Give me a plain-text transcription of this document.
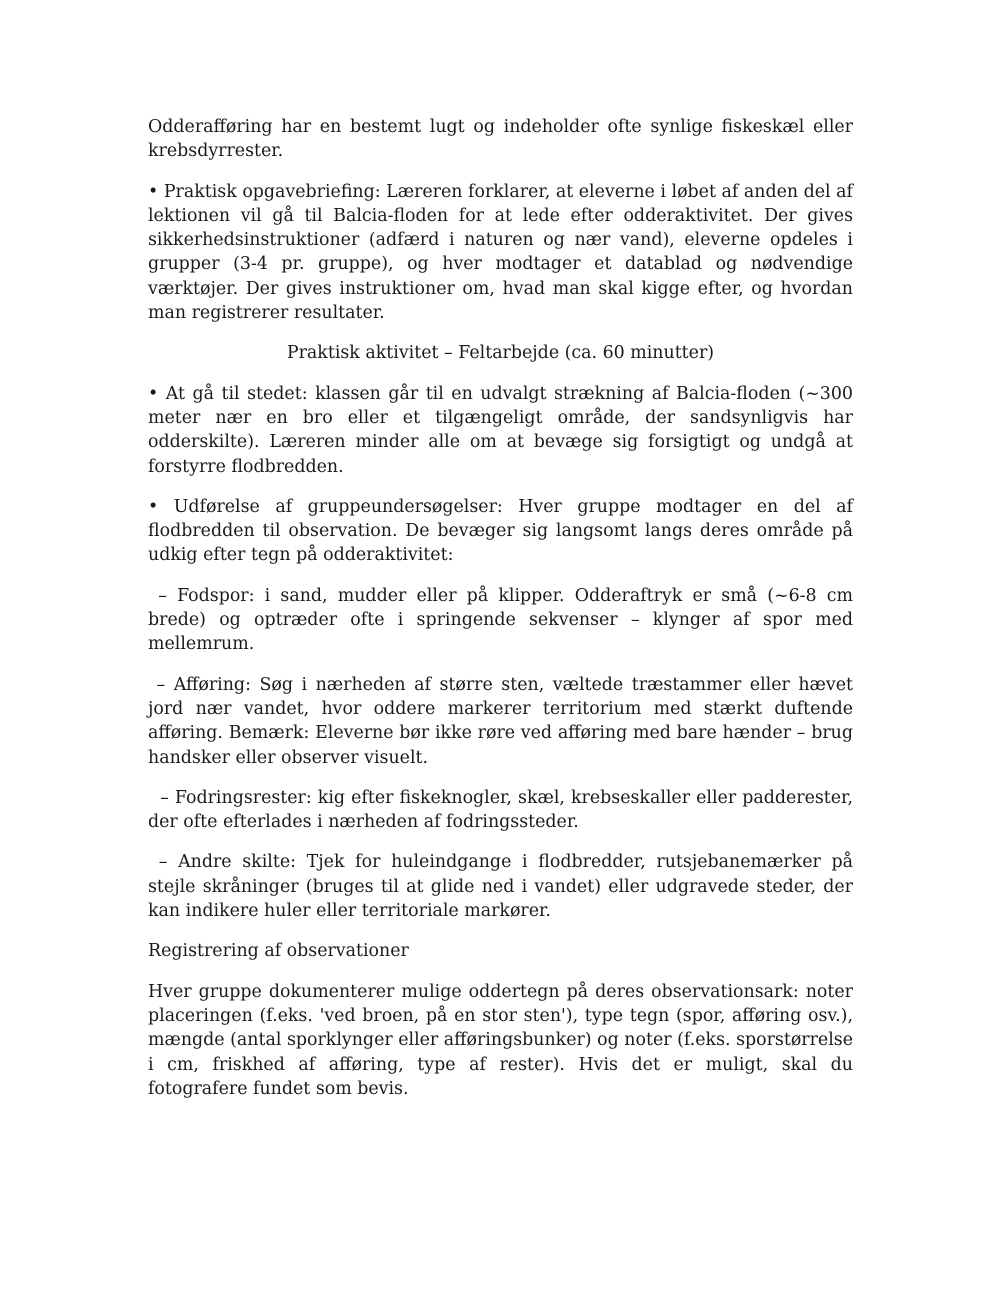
Odderafføring har en bestemt lugt og indeholder ofte synlige fiskeskæl eller krebsdyrrester.

• Praktisk opgavebriefing: Læreren forklarer, at eleverne i løbet af anden del af lektionen vil gå til Balcia-floden for at lede efter odderaktivitet. Der gives sikkerhedsinstruktioner (adfærd i naturen og nær vand), eleverne opdeles i grupper (3-4 pr. gruppe), og hver modtager et datablad og nødvendige værktøjer. Der gives instruktioner om, hvad man skal kigge efter, og hvordan man registrerer resultater.

Praktisk aktivitet – Feltarbejde (ca. 60 minutter)

• At gå til stedet: klassen går til en udvalgt strækning af Balcia-floden (~300 meter nær en bro eller et tilgængeligt område, der sandsynligvis har odderskilte). Læreren minder alle om at bevæge sig forsigtigt og undgå at forstyrre flodbredden.

• Udførelse af gruppeundersøgelser: Hver gruppe modtager en del af flodbredden til observation. De bevæger sig langsomt langs deres område på udkig efter tegn på odderaktivitet:

– Fodspor: i sand, mudder eller på klipper. Odderaftryk er små (~6-8 cm brede) og optræder ofte i springende sekvenser – klynger af spor med mellemrum.

– Afføring: Søg i nærheden af større sten, væltede træstammer eller hævet jord nær vandet, hvor oddere markerer territorium med stærkt duftende afføring. Bemærk: Eleverne bør ikke røre ved afføring med bare hænder – brug handsker eller observer visuelt.

– Fodringsrester: kig efter fiskeknogler, skæl, krebseskaller eller padderester, der ofte efterlades i nærheden af fodringssteder.

– Andre skilte: Tjek for huleindgange i flodbredder, rutsjebanemærker på stejle skråninger (bruges til at glide ned i vandet) eller udgravede steder, der kan indikere huler eller territoriale markører.

Registrering af observationer

Hver gruppe dokumenterer mulige oddertegn på deres observationsark: noter placeringen (f.eks. 'ved broen, på en stor sten'), type tegn (spor, afføring osv.), mængde (antal sporklynger eller afføringsbunker) og noter (f.eks. sporstørrelse i cm, friskhed af afføring, type af rester). Hvis det er muligt, skal du fotografere fundet som bevis.
